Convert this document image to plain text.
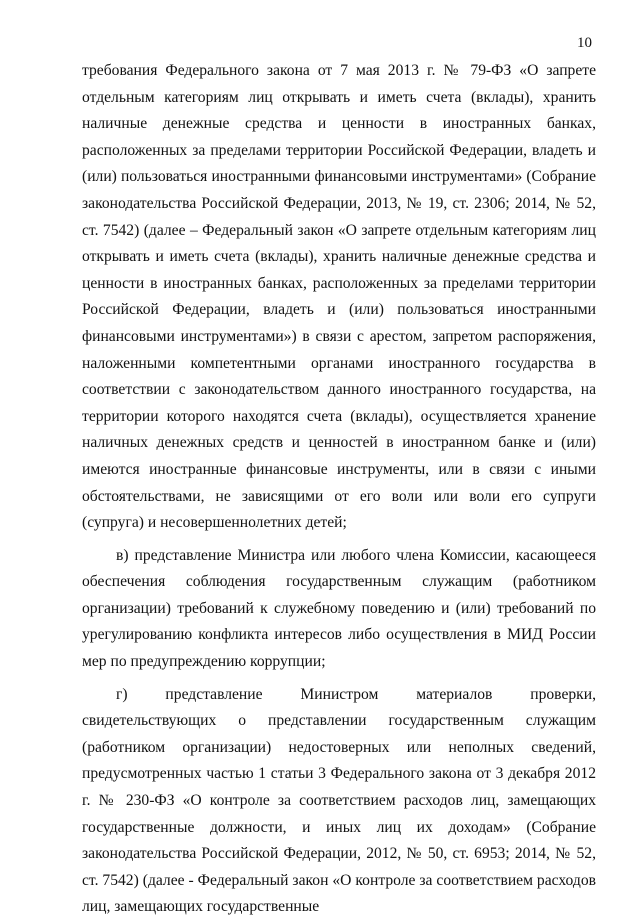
10

требования Федерального закона от 7 мая 2013 г. № 79-ФЗ «О запрете отдельным категориям лиц открывать и иметь счета (вклады), хранить наличные денежные средства и ценности в иностранных банках, расположенных за пределами территории Российской Федерации, владеть и (или) пользоваться иностранными финансовыми инструментами» (Собрание законодательства Российской Федерации, 2013, № 19, ст. 2306; 2014, № 52, ст. 7542) (далее – Федеральный закон «О запрете отдельным категориям лиц открывать и иметь счета (вклады), хранить наличные денежные средства и ценности в иностранных банках, расположенных за пределами территории Российской Федерации, владеть и (или) пользоваться иностранными финансовыми инструментами») в связи с арестом, запретом распоряжения, наложенными компетентными органами иностранного государства в соответствии с законодательством данного иностранного государства, на территории которого находятся счета (вклады), осуществляется хранение наличных денежных средств и ценностей в иностранном банке и (или) имеются иностранные финансовые инструменты, или в связи с иными обстоятельствами, не зависящими от его воли или воли его супруги (супруга) и несовершеннолетних детей;

в) представление Министра или любого члена Комиссии, касающееся обеспечения соблюдения государственным служащим (работником организации) требований к служебному поведению и (или) требований по урегулированию конфликта интересов либо осуществления в МИД России мер по предупреждению коррупции;

г) представление Министром материалов проверки, свидетельствующих о представлении государственным служащим (работником организации) недостоверных или неполных сведений, предусмотренных частью 1 статьи 3 Федерального закона от 3 декабря 2012 г. № 230-ФЗ «О контроле за соответствием расходов лиц, замещающих государственные должности, и иных лиц их доходам» (Собрание законодательства Российской Федерации, 2012, № 50, ст. 6953; 2014, № 52, ст. 7542) (далее - Федеральный закон «О контроле за соответствием расходов лиц, замещающих государственные
